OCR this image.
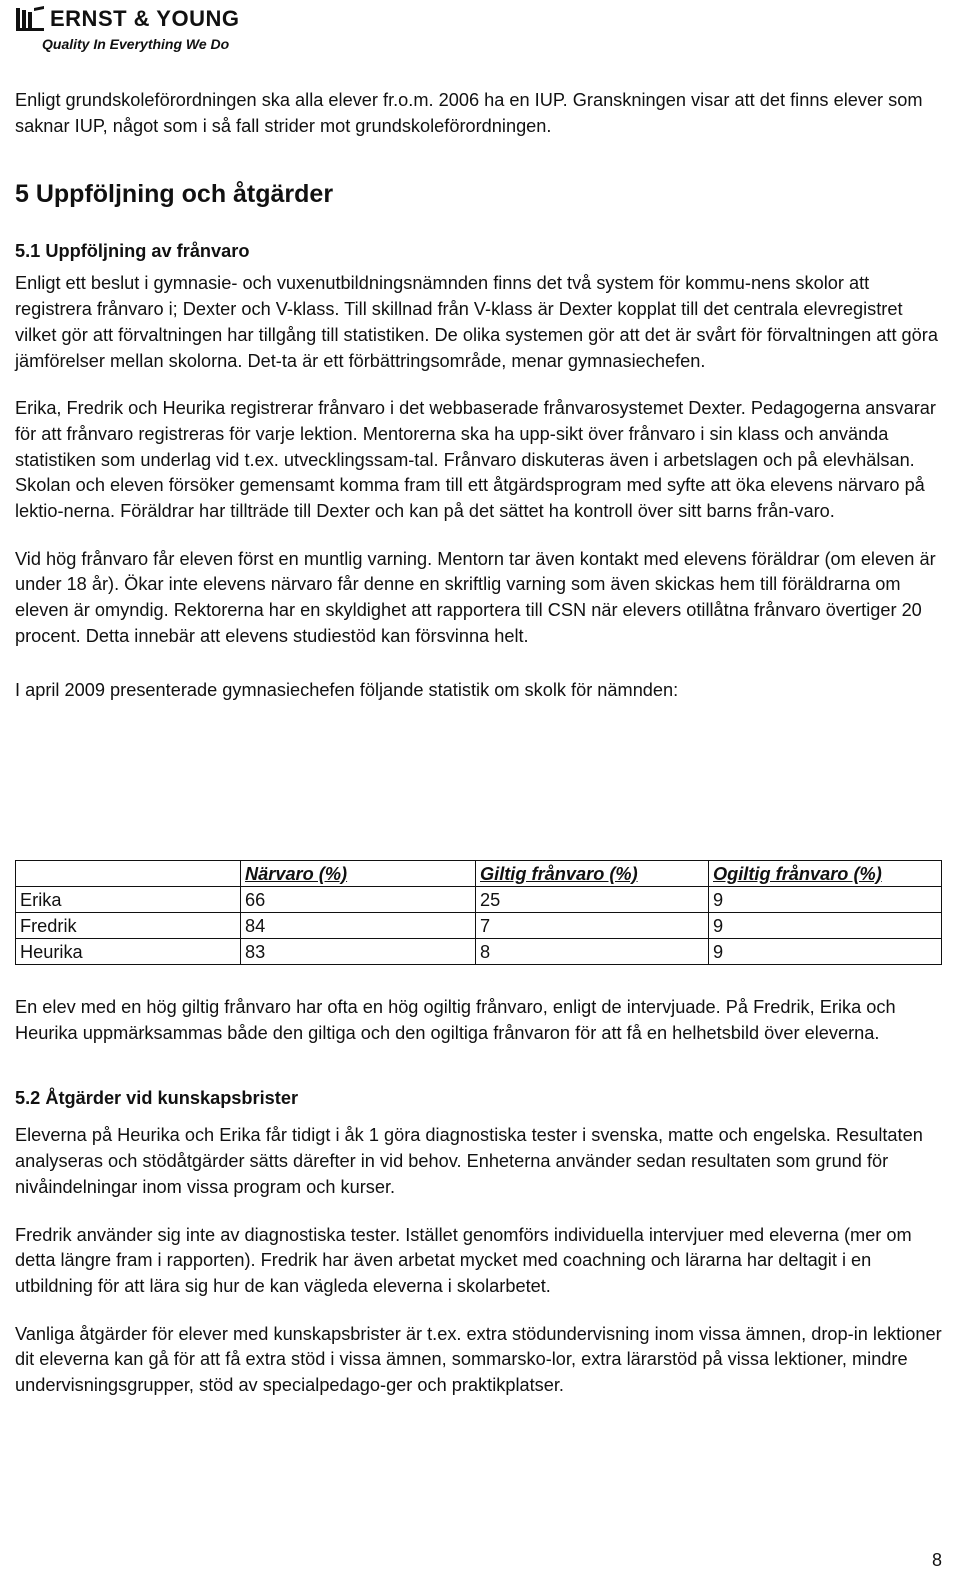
ERNST & YOUNG
Quality In Everything We Do

Enligt grundskoleförordningen ska alla elever fr.o.m. 2006 ha en IUP. Granskningen visar att det finns elever som saknar IUP, något som i så fall strider mot grundskoleförordningen.

5 Uppföljning och åtgärder
5.1 Uppföljning av frånvaro

Enligt ett beslut i gymnasie- och vuxenutbildningsnämnden finns det två system för kommu-nens skolor att registrera frånvaro i; Dexter och V-klass. Till skillnad från V-klass är Dexter kopplat till det centrala elevregistret vilket gör att förvaltningen har tillgång till statistiken. De olika systemen gör att det är svårt för förvaltningen att göra jämförelser mellan skolorna. Det-ta är ett förbättringsområde, menar gymnasiechefen.

Erika, Fredrik och Heurika registrerar frånvaro i det webbaserade frånvarosystemet Dexter. Pedagogerna ansvarar för att frånvaro registreras för varje lektion. Mentorerna ska ha upp-sikt över frånvaro i sin klass och använda statistiken som underlag vid t.ex. utvecklingssam-tal. Frånvaro diskuteras även i arbetslagen och på elevhälsan. Skolan och eleven försöker gemensamt komma fram till ett åtgärdsprogram med syfte att öka elevens närvaro på lektio-nerna. Föräldrar har tillträde till Dexter och kan på det sättet ha kontroll över sitt barns från-varo.

Vid hög frånvaro får eleven först en muntlig varning. Mentorn tar även kontakt med elevens föräldrar (om eleven är under 18 år). Ökar inte elevens närvaro får denne en skriftlig varning som även skickas hem till föräldrarna om eleven är omyndig. Rektorerna har en skyldighet att rapportera till CSN när elevers otillåtna frånvaro övertiger 20 procent. Detta innebär att elevens studiestöd kan försvinna helt.

I april 2009 presenterade gymnasiechefen följande statistik om skolk för nämnden:

	Närvaro (%)	Giltig frånvaro (%)	Ogiltig frånvaro (%)
Erika	66	25	9
Fredrik	84	7	9
Heurika	83	8	9

En elev med en hög giltig frånvaro har ofta en hög ogiltig frånvaro, enligt de intervjuade. På Fredrik, Erika och Heurika uppmärksammas både den giltiga och den ogiltiga frånvaron för att få en helhetsbild över eleverna.

5.2 Åtgärder vid kunskapsbrister

Eleverna på Heurika och Erika får tidigt i åk 1 göra diagnostiska tester i svenska, matte och engelska. Resultaten analyseras och stödåtgärder sätts därefter in vid behov. Enheterna använder sedan resultaten som grund för nivåindelningar inom vissa program och kurser.

Fredrik använder sig inte av diagnostiska tester. Istället genomförs individuella intervjuer med eleverna (mer om detta längre fram i rapporten). Fredrik har även arbetat mycket med coachning och lärarna har deltagit i en utbildning för att lära sig hur de kan vägleda eleverna i skolarbetet.

Vanliga åtgärder för elever med kunskapsbrister är t.ex. extra stödundervisning inom vissa ämnen, drop-in lektioner dit eleverna kan gå för att få extra stöd i vissa ämnen, sommarsko-lor, extra lärarstöd på vissa lektioner, mindre undervisningsgrupper, stöd av specialpedago-ger och praktikplatser.

8
